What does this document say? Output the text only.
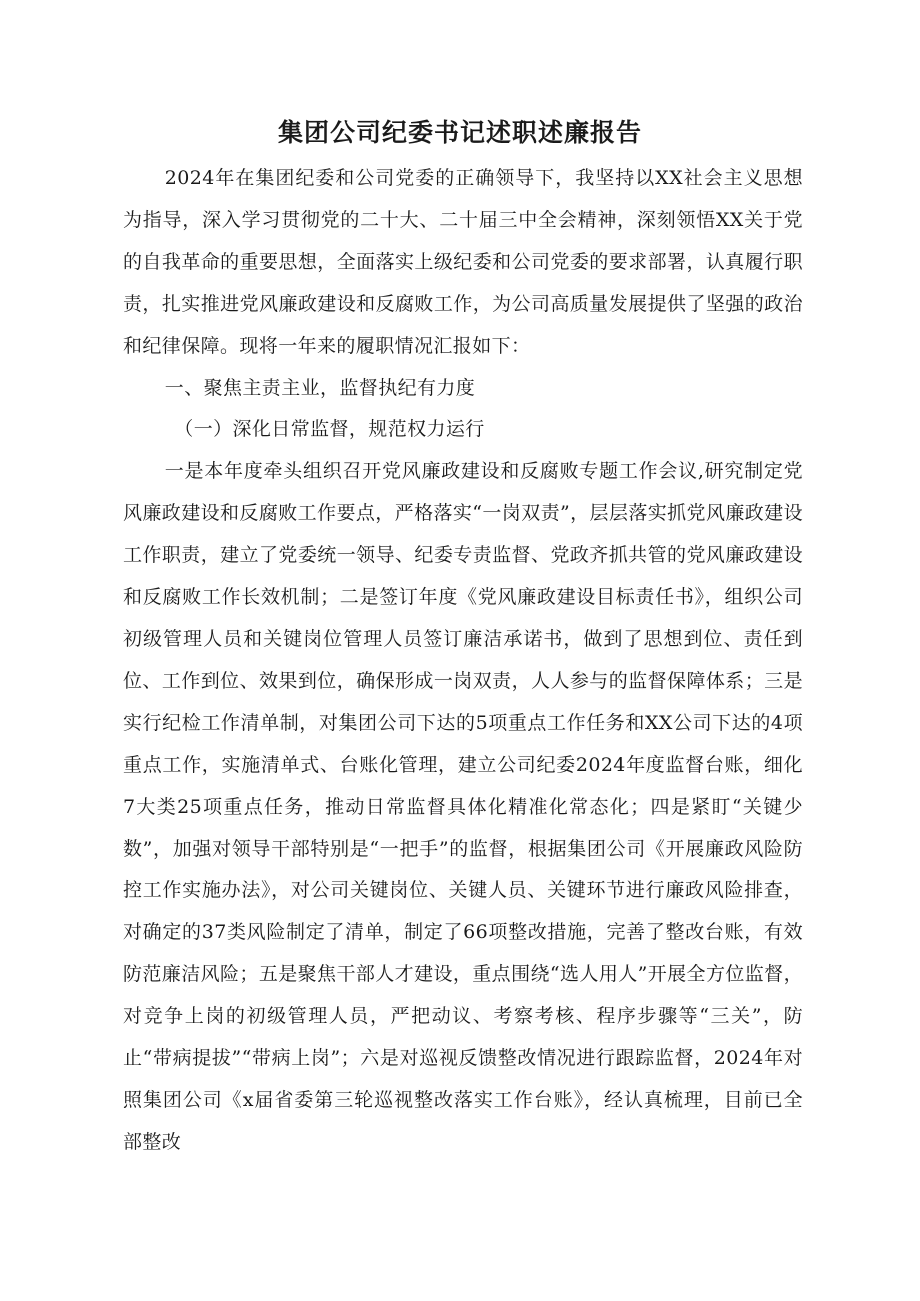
集团公司纪委书记述职述廉报告

2024年在集团纪委和公司党委的正确领导下，我坚持以XX社会主义思想为指导，深入学习贯彻党的二十大、二十届三中全会精神，深刻领悟XX关于党的自我革命的重要思想，全面落实上级纪委和公司党委的要求部署，认真履行职责，扎实推进党风廉政建设和反腐败工作，为公司高质量发展提供了坚强的政治和纪律保障。现将一年来的履职情况汇报如下：

一、聚焦主责主业，监督执纪有力度

（一）深化日常监督，规范权力运行

一是本年度牵头组织召开党风廉政建设和反腐败专题工作会议,研究制定党风廉政建设和反腐败工作要点，严格落实“一岗双责”，层层落实抓党风廉政建设工作职责，建立了党委统一领导、纪委专责监督、党政齐抓共管的党风廉政建设和反腐败工作长效机制；二是签订年度《党风廉政建设目标责任书》，组织公司初级管理人员和关键岗位管理人员签订廉洁承诺书，做到了思想到位、责任到位、工作到位、效果到位，确保形成一岗双责，人人参与的监督保障体系；三是实行纪检工作清单制，对集团公司下达的5项重点工作任务和XX公司下达的4项重点工作，实施清单式、台账化管理，建立公司纪委2024年度监督台账，细化7大类25项重点任务，推动日常监督具体化精准化常态化；四是紧盯“关键少数”，加强对领导干部特别是“一把手”的监督，根据集团公司《开展廉政风险防控工作实施办法》，对公司关键岗位、关键人员、关键环节进行廉政风险排查，对确定的37类风险制定了清单，制定了66项整改措施，完善了整改台账，有效防范廉洁风险；五是聚焦干部人才建设，重点围绕“选人用人”开展全方位监督，对竞争上岗的初级管理人员，严把动议、考察考核、程序步骤等“三关”，防止“带病提拔”“带病上岗”；六是对巡视反馈整改情况进行跟踪监督，2024年对照集团公司《x届省委第三轮巡视整改落实工作台账》，经认真梳理，目前已全部整改
